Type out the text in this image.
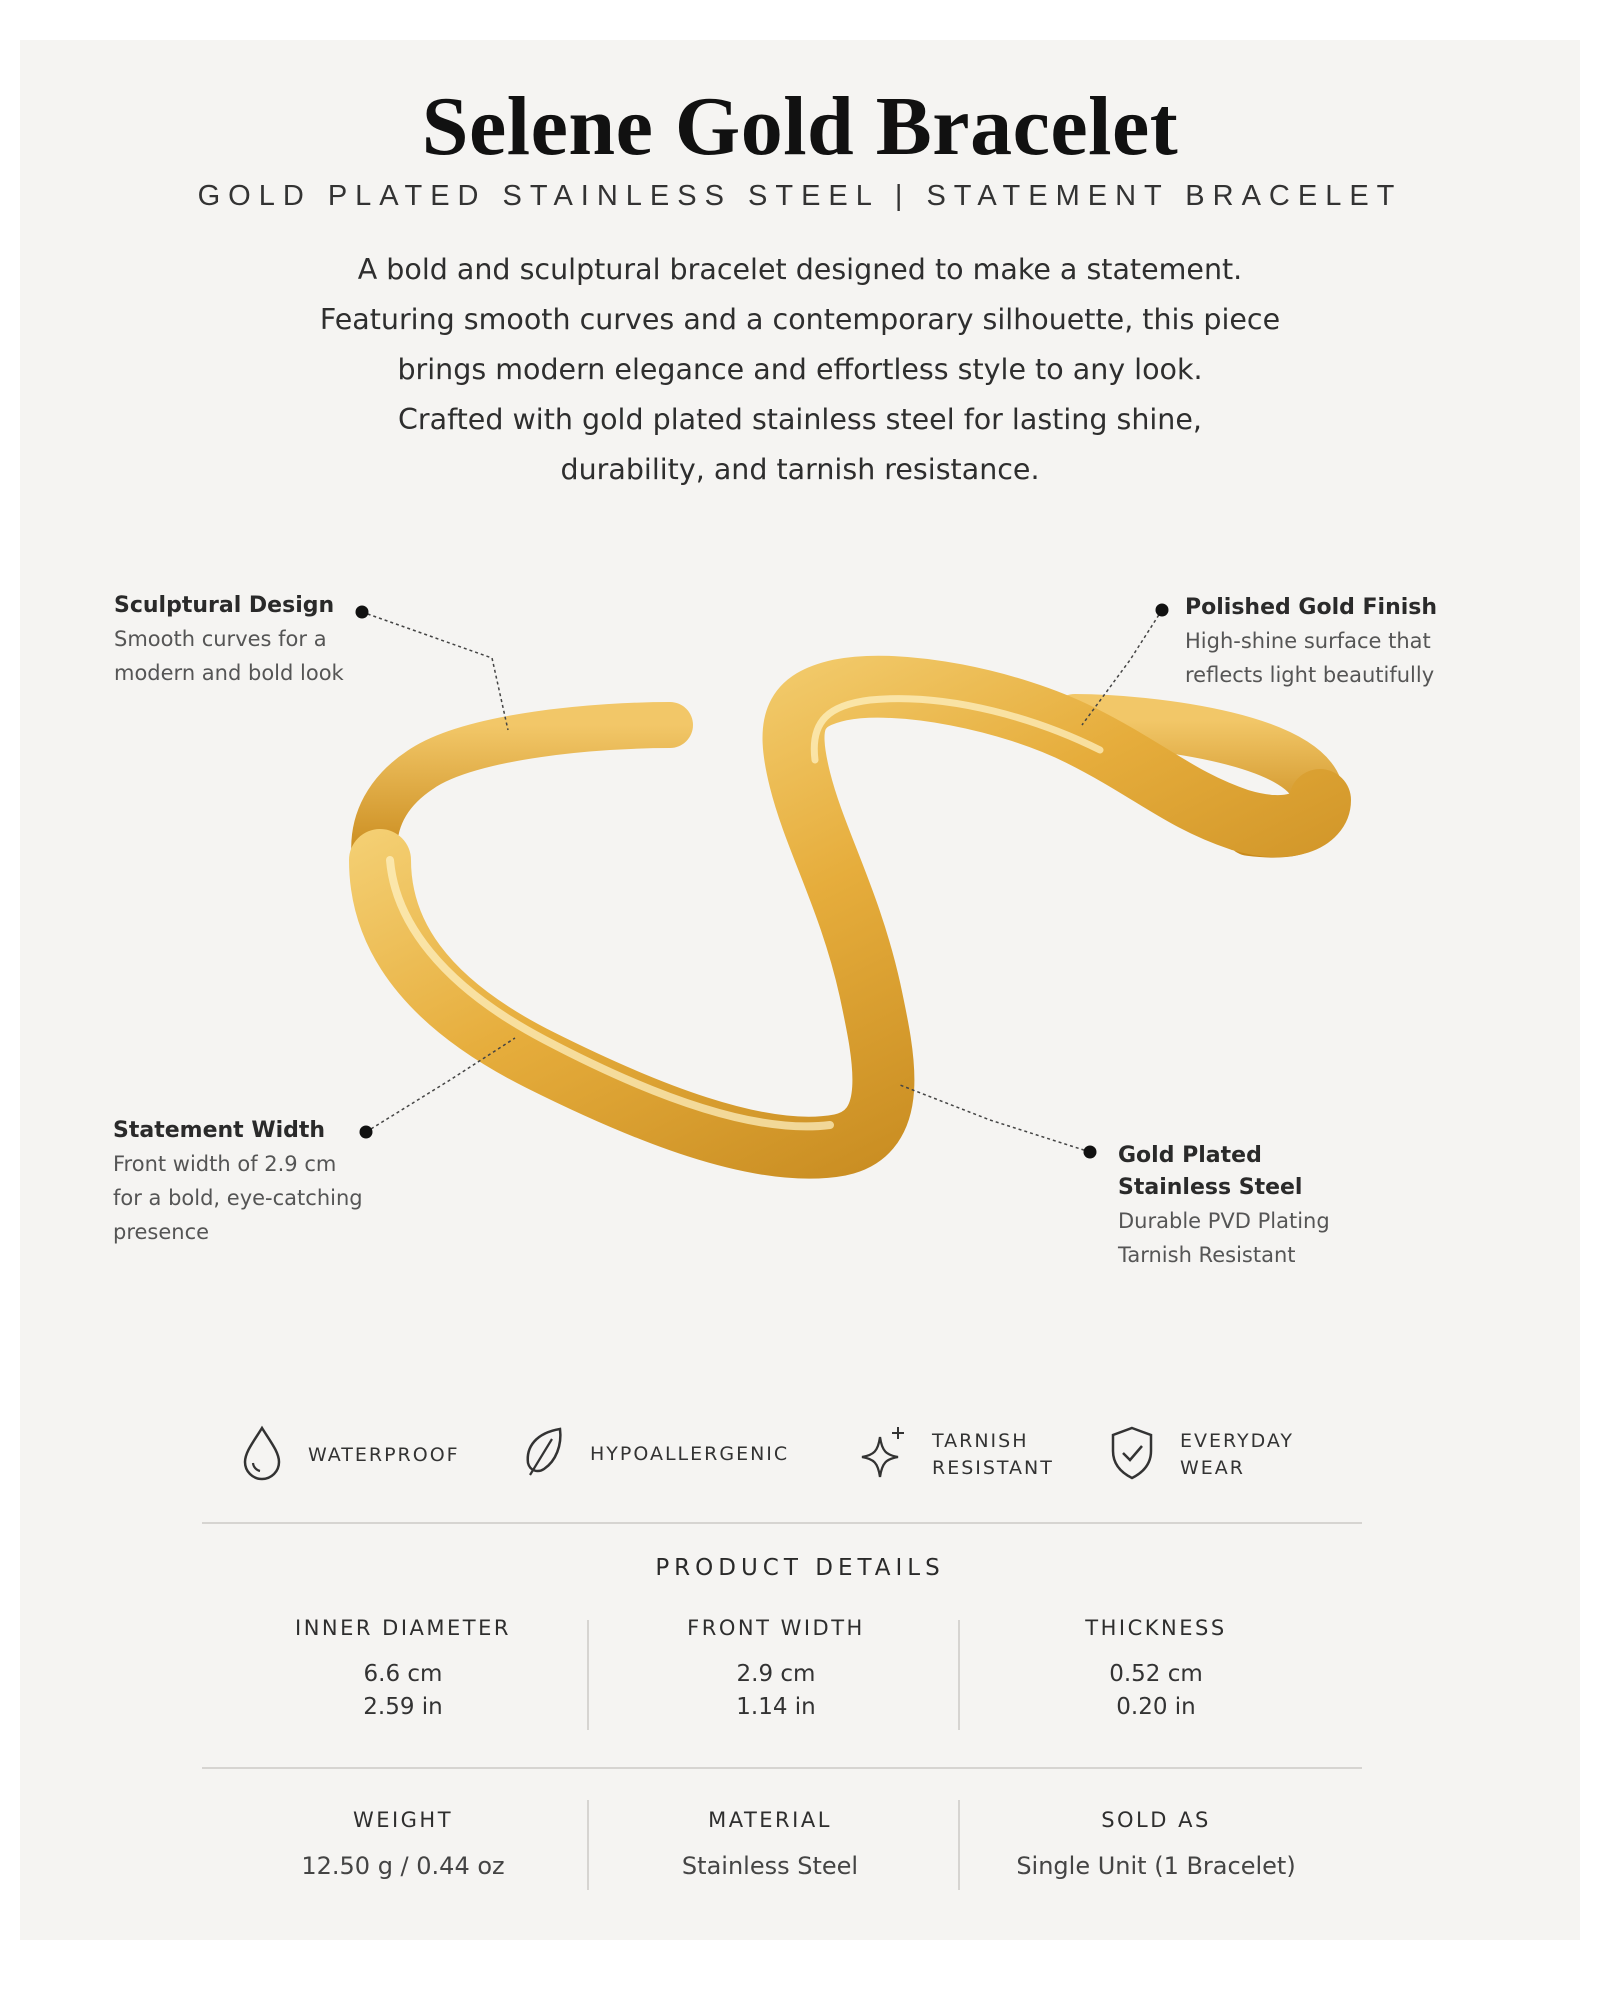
Selene Gold Bracelet
GOLD PLATED STAINLESS STEEL | STATEMENT BRACELET
A bold and sculptural bracelet designed to make a statement.
Featuring smooth curves and a contemporary silhouette, this piece
brings modern elegance and effortless style to any look.
Crafted with gold plated stainless steel for lasting shine,
durability, and tarnish resistance.
Sculptural Design
Smooth curves for a
modern and bold look
Polished Gold Finish
High-shine surface that
reflects light beautifully
Statement Width
Front width of 2.9 cm
for a bold, eye-catching
presence
Gold Plated
Stainless Steel
Durable PVD Plating
Tarnish Resistant
WATERPROOF	HYPOALLERGENIC
TARNISH
RESISTANT
EVERYDAY
WEAR
PRODUCT DETAILS
INNER DIAMETER
6.6 cm
2.59 in
FRONT WIDTH
2.9 cm
1.14 in
THICKNESS
0.52 cm
0.20 in
WEIGHT
12.50 g / 0.44 oz
MATERIAL
Stainless Steel
SOLD AS
Single Unit (1 Bracelet)
